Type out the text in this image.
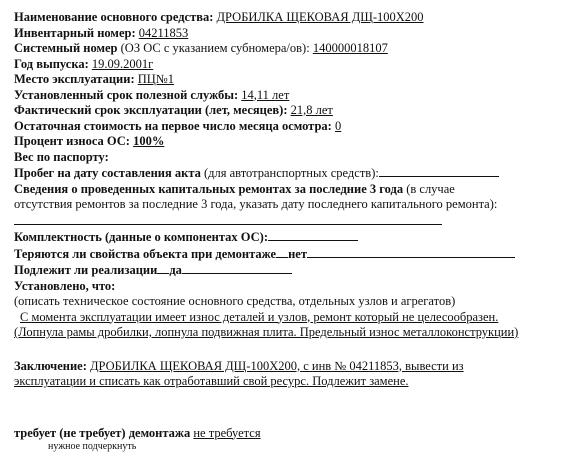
Наименование основного средства: ДРОБИЛКА ЩЕКОВАЯ ДЩ-100Х200
Инвентарный номер: 04211853
Системный номер (ОЗ ОС с указанием субномера/ов): 140000018107
Год выпуска: 19.09.2001г
Место эксплуатации: ПЦ№1
Установленный срок полезной службы: 14,11 лет
Фактический срок эксплуатации (лет, месяцев): 21,8 лет
Остаточная стоимость на первое число месяца осмотра: 0
Процент износа ОС: 100%
Вес по паспорту:
Пробег на дату составления акта (для автотранспортных средств):
Сведения о проведенных капитальных ремонтах за последние 3 года (в случае
отсутствия ремонтов за последние 3 года, указать дату последнего капитального ремонта):
Комплектность (данные о компонентах ОС):
Теряются ли свойства объекта при демонтаже нет
Подлежит ли реализации да
Установлено, что:
(описать техническое состояние основного средства, отдельных узлов и агрегатов)
С момента эксплуатации имеет износ деталей и узлов, ремонт который не целесообразен.
(Лопнула рамы дробилки, лопнула подвижная плита. Предельный износ металлоконструкции)
Заключение: ДРОБИЛКА ЩЕКОВАЯ ДЩ-100Х200, с инв № 04211853, вывести из
эксплуатации и списать как отработавший свой ресурс. Подлежит замене.
требует (не требует) демонтажа не требуется
нужное подчеркнуть
